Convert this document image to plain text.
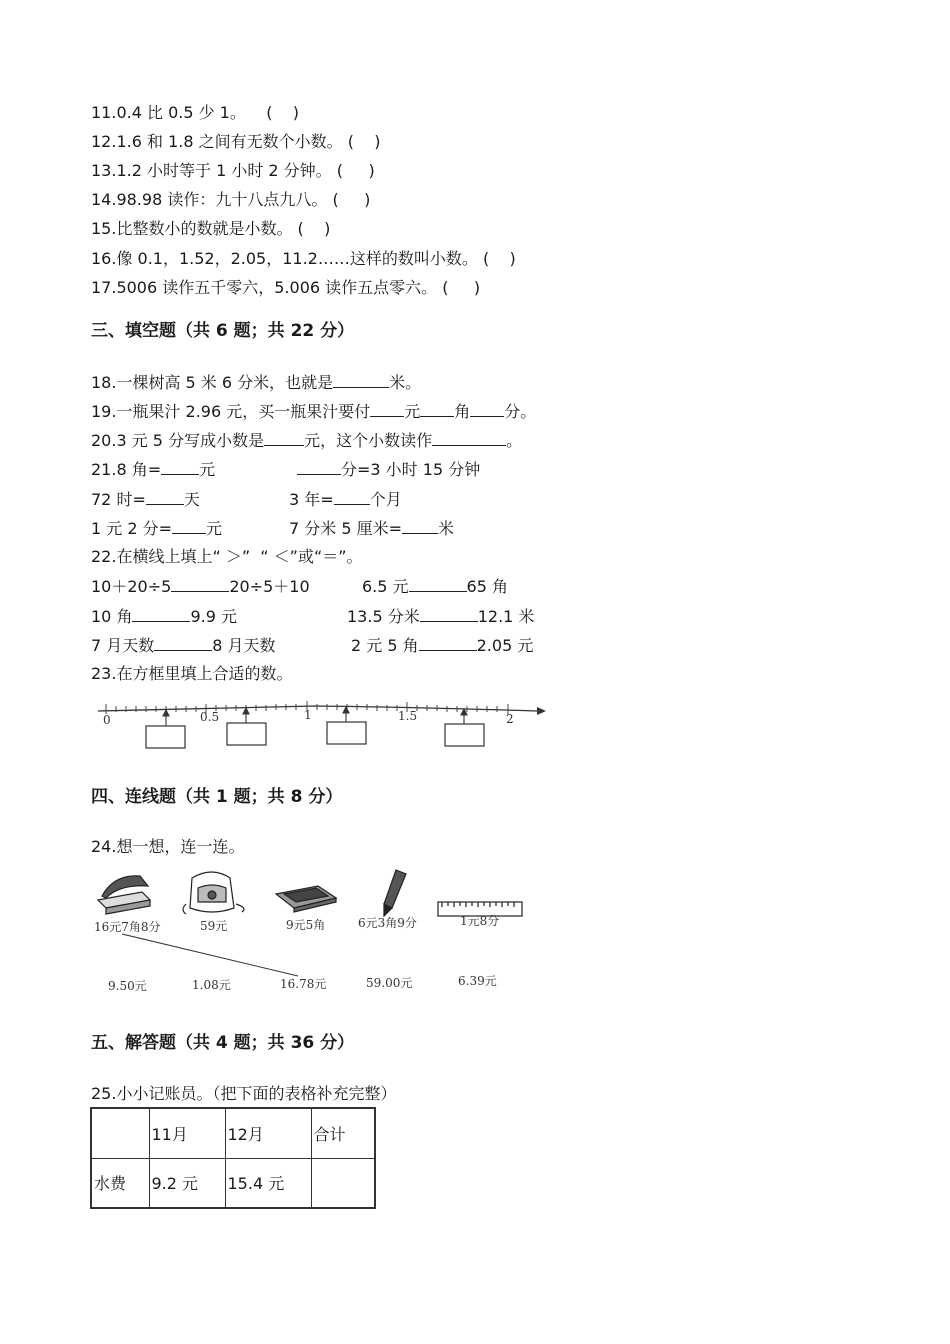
11.0.4 比 0.5 少 1。 (    )
12.1.6 和 1.8 之间有无数个小数。 (    )
13.1.2 小时等于 1 小时 2 分钟。 (     )
14.98.98 读作：九十八点九八。 (     )
15.比整数小的数就是小数。 (    )
16.像 0.1，1.52，2.05，11.2……这样的数叫小数。 (    )
17.5006 读作五千零六，5.006 读作五点零六。 (     )
三、填空题（共 6 题；共 22 分）
18.一棵树高 5 米 6 分米，也就是	米。
19.一瓶果汁 2.96 元，买一瓶果汁要付 元 角 分。
20.3 元 5 分写成小数是	元，这个小数读作	。
21.8 角= 元	分=3 小时 15 分钟
72 时= 天	3 年= 个月
1 元 2 分= 元	7 分米 5 厘米= 米
22.在横线上填上“ ＞”  “ ＜”或“＝”。
10＋20÷5	20÷5＋10	6.5 元	65 角
10 角	9.9 元	13.5 分米	12.1 米
7 月天数	8 月天数	2 元 5 角	2.05 元
23.在方框里填上合适的数。
0	0.5	1	1.5	2
四、连线题（共 1 题；共 8 分）
24.想一想，连一连。
16元7角8分	59元	9元5角	6元3角9分	1元8分
9.50元	1.08元	16.78元	59.00元	6.39元
五、解答题（共 4 题；共 36 分）
25.小小记账员。（把下面的表格补充完整）
	11月	12月	合计
水费	9.2 元	15.4 元	
